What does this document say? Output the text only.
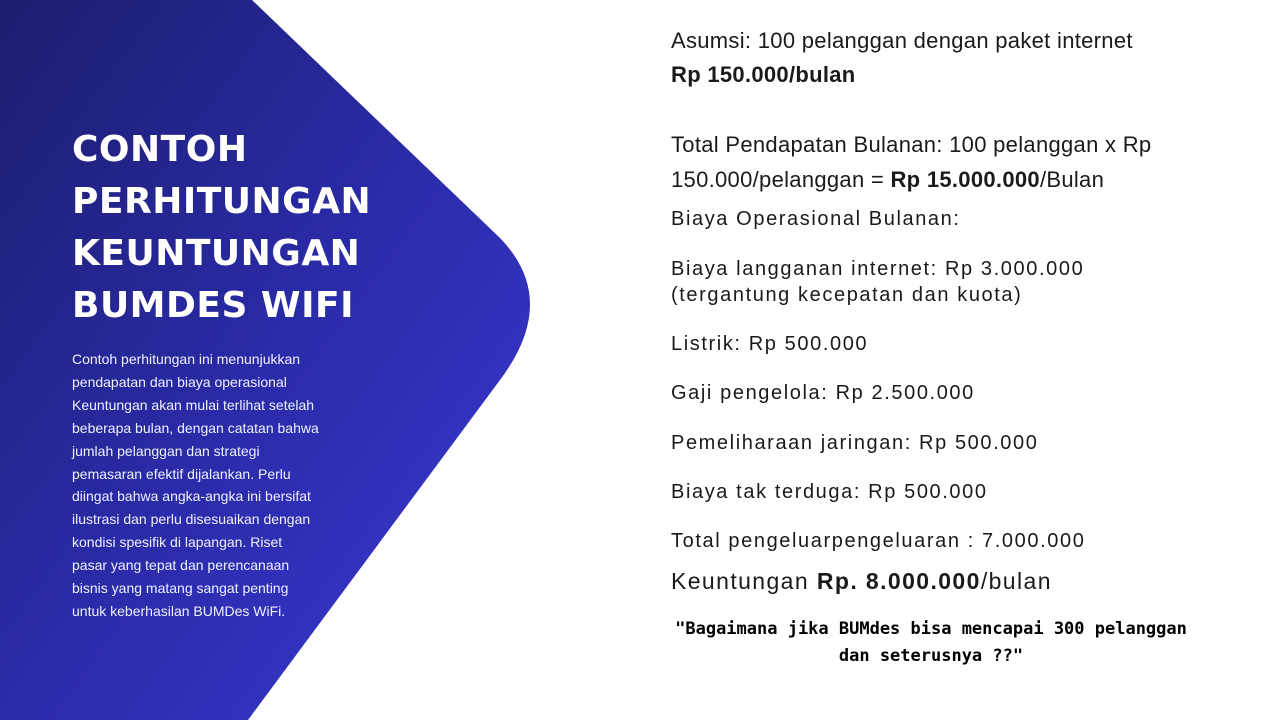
CONTOH
PERHITUNGAN
KEUNTUNGAN
BUMDES WIFI
Contoh perhitungan ini menunjukkan
pendapatan dan biaya operasional
Keuntungan akan mulai terlihat setelah
beberapa bulan, dengan catatan bahwa
jumlah pelanggan dan strategi
pemasaran efektif dijalankan. Perlu
diingat bahwa angka-angka ini bersifat
ilustrasi dan perlu disesuaikan dengan
kondisi spesifik di lapangan. Riset
pasar yang tepat dan perencanaan
bisnis yang matang sangat penting
untuk keberhasilan BUMDes WiFi.
Asumsi: 100 pelanggan dengan paket internet
Rp 150.000/bulan
Total Pendapatan Bulanan: 100 pelanggan x Rp
150.000/pelanggan = Rp 15.000.000/Bulan
Biaya Operasional Bulanan:
Biaya langganan internet: Rp 3.000.000
(tergantung kecepatan dan kuota)
Listrik: Rp 500.000
Gaji pengelola: Rp 2.500.000
Pemeliharaan jaringan: Rp 500.000
Biaya tak terduga: Rp 500.000
Total pengeluarpengeluaran : 7.000.000
Keuntungan Rp. 8.000.000/bulan
"Bagaimana jika BUMdes bisa mencapai 300 pelanggan
dan seterusnya ??"
